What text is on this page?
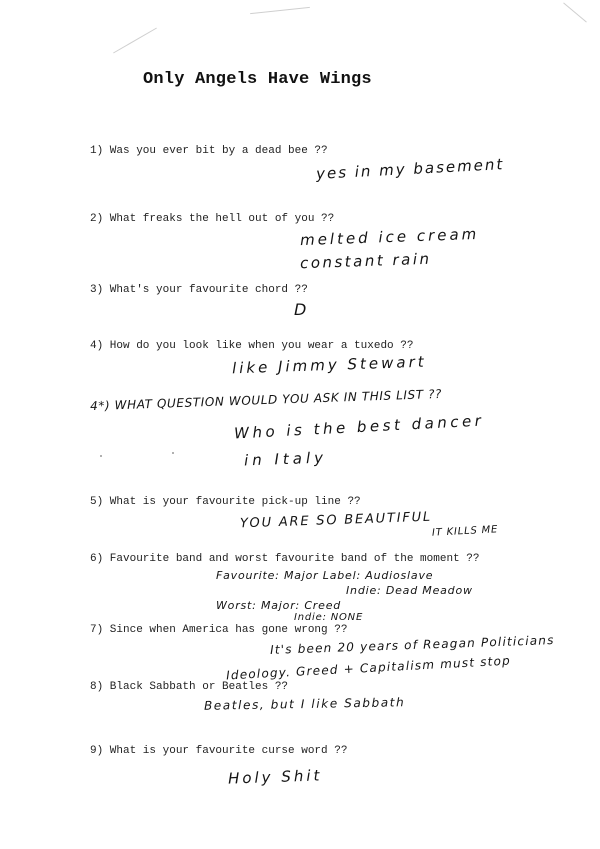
Only Angels Have Wings
1) Was you ever bit by a dead bee ??
yes in my basement
2) What freaks the hell out of you ??
melted ice cream
constant rain
3) What's your favourite chord ??
D
4) How do you look like when you wear a tuxedo ??
like Jimmy Stewart
4*) WHAT QUESTION WOULD YOU ASK IN THIS LIST ??
Who is the best dancer
in Italy
5) What is your favourite pick-up line ??
YOU ARE SO BEAUTIFUL
IT KILLS ME
6) Favourite band and worst favourite band of the moment ??
Favourite: Major Label: Audioslave
Indie: Dead Meadow
Worst: Major: Creed
Indie: NONE
7) Since when America has gone wrong ??
It's been 20 years of Reagan Politicians
Ideology. Greed + Capitalism must stop
8) Black Sabbath or Beatles ??
Beatles, but I like Sabbath
9) What is your favourite curse word ??
Holy Shit
